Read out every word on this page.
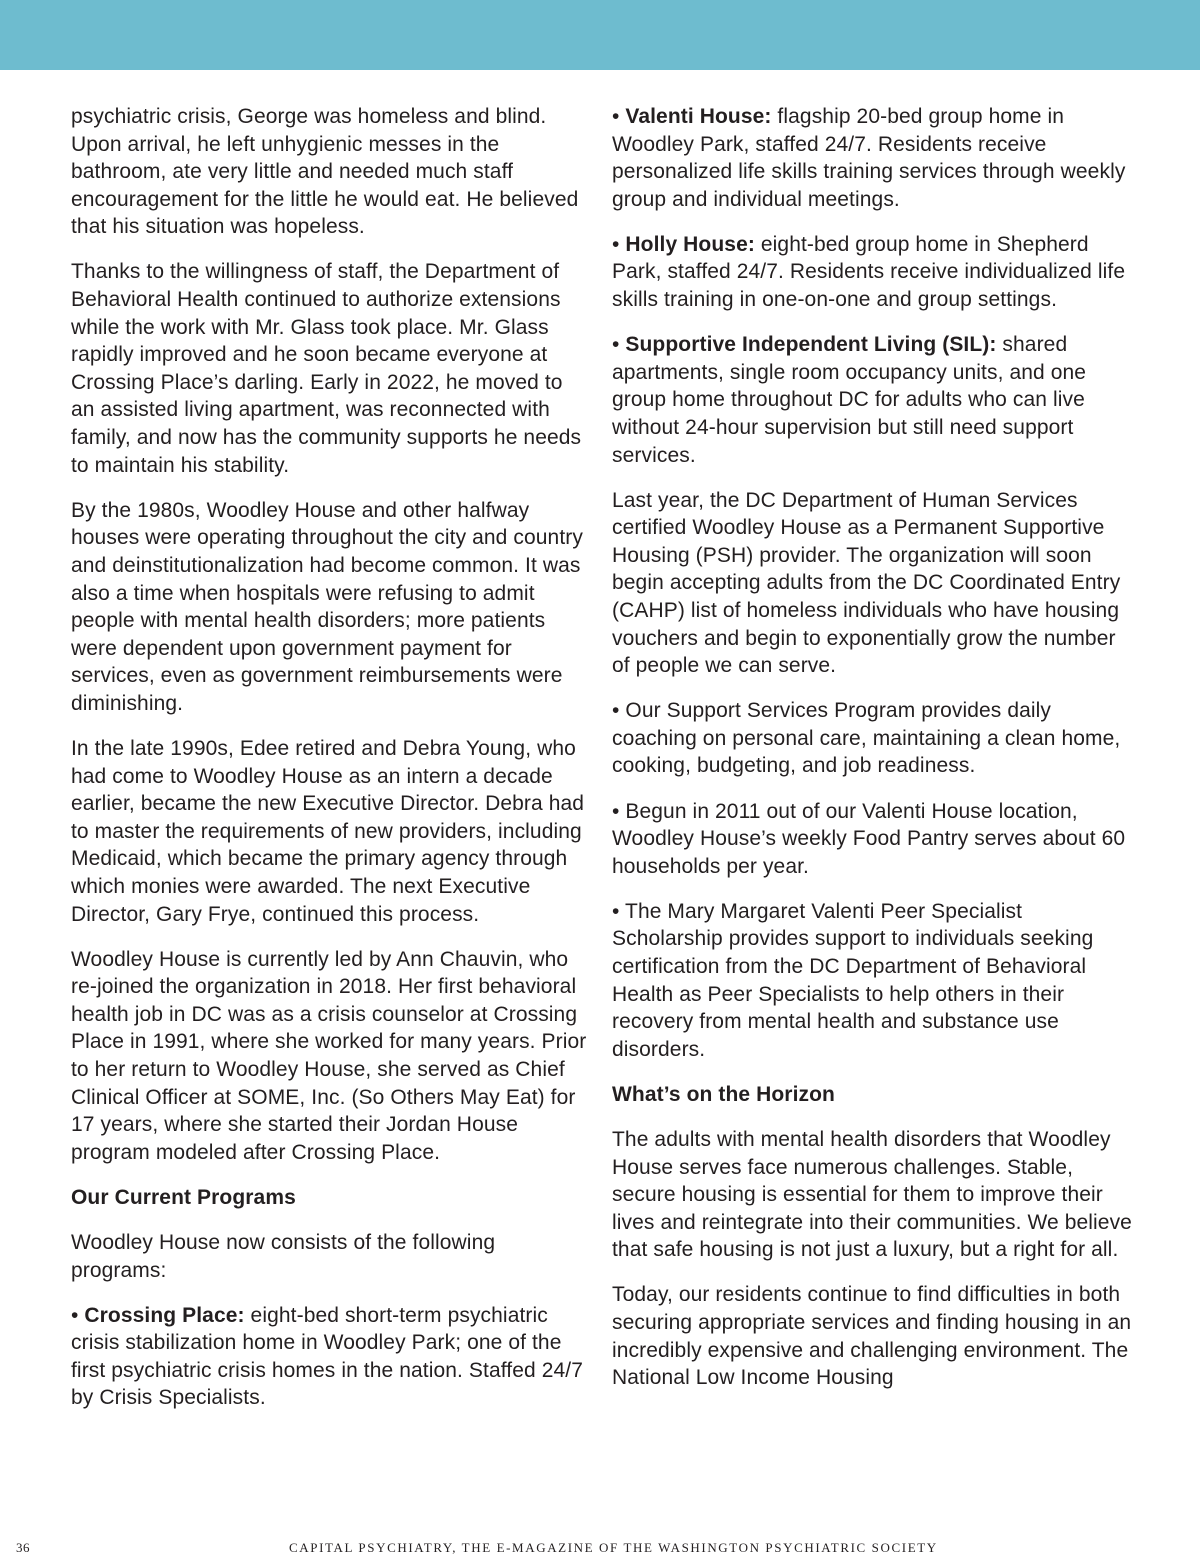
psychiatric crisis, George was homeless and blind. Upon arrival, he left unhygienic messes in the bathroom, ate very little and needed much staff encouragement for the little he would eat. He believed that his situation was hopeless.

Thanks to the willingness of staff, the Department of Behavioral Health continued to authorize extensions while the work with Mr. Glass took place. Mr. Glass rapidly improved and he soon became everyone at Crossing Place’s darling. Early in 2022, he moved to an assisted living apartment, was reconnected with family, and now has the community supports he needs to maintain his stability.

By the 1980s, Woodley House and other halfway houses were operating throughout the city and country and deinstitutionalization had become common. It was also a time when hospitals were refusing to admit people with mental health disorders; more patients were dependent upon government payment for services, even as government reimbursements were diminishing.

In the late 1990s, Edee retired and Debra Young, who had come to Woodley House as an intern a decade earlier, became the new Executive Director. Debra had to master the requirements of new providers, including Medicaid, which became the primary agency through which monies were awarded. The next Executive Director, Gary Frye, continued this process.

Woodley House is currently led by Ann Chauvin, who re-joined the organization in 2018. Her first behavioral health job in DC was as a crisis counselor at Crossing Place in 1991, where she worked for many years. Prior to her return to Woodley House, she served as Chief Clinical Officer at SOME, Inc. (So Others May Eat) for 17 years, where she started their Jordan House program modeled after Crossing Place.

Our Current Programs

Woodley House now consists of the following programs:

• Crossing Place: eight-bed short-term psychiatric crisis stabilization home in Woodley Park; one of the first psychiatric crisis homes in the nation. Staffed 24/7 by Crisis Specialists.

• Valenti House: flagship 20-bed group home in Woodley Park, staffed 24/7. Residents receive personalized life skills training services through weekly group and individual meetings.

• Holly House: eight-bed group home in Shepherd Park, staffed 24/7. Residents receive individualized life skills training in one-on-one and group settings.

• Supportive Independent Living (SIL): shared apartments, single room occupancy units, and one group home throughout DC for adults who can live without 24-hour supervision but still need support services.

Last year, the DC Department of Human Services certified Woodley House as a Permanent Supportive Housing (PSH) provider. The organization will soon begin accepting adults from the DC Coordinated Entry (CAHP) list of homeless individuals who have housing vouchers and begin to exponentially grow the number of people we can serve.

• Our Support Services Program provides daily coaching on personal care, maintaining a clean home, cooking, budgeting, and job readiness.

• Begun in 2011 out of our Valenti House location, Woodley House’s weekly Food Pantry serves about 60 households per year.

• The Mary Margaret Valenti Peer Specialist Scholarship provides support to individuals seeking certification from the DC Department of Behavioral Health as Peer Specialists to help others in their recovery from mental health and substance use disorders.

What’s on the Horizon

The adults with mental health disorders that Woodley House serves face numerous challenges. Stable, secure housing is essential for them to improve their lives and reintegrate into their communities. We believe that safe housing is not just a luxury, but a right for all.

Today, our residents continue to find difficulties in both securing appropriate services and finding housing in an incredibly expensive and challenging environment. The National Low Income Housing

36	CAPITAL PSYCHIATRY, THE E-MAGAZINE OF THE WASHINGTON PSYCHIATRIC SOCIETY
